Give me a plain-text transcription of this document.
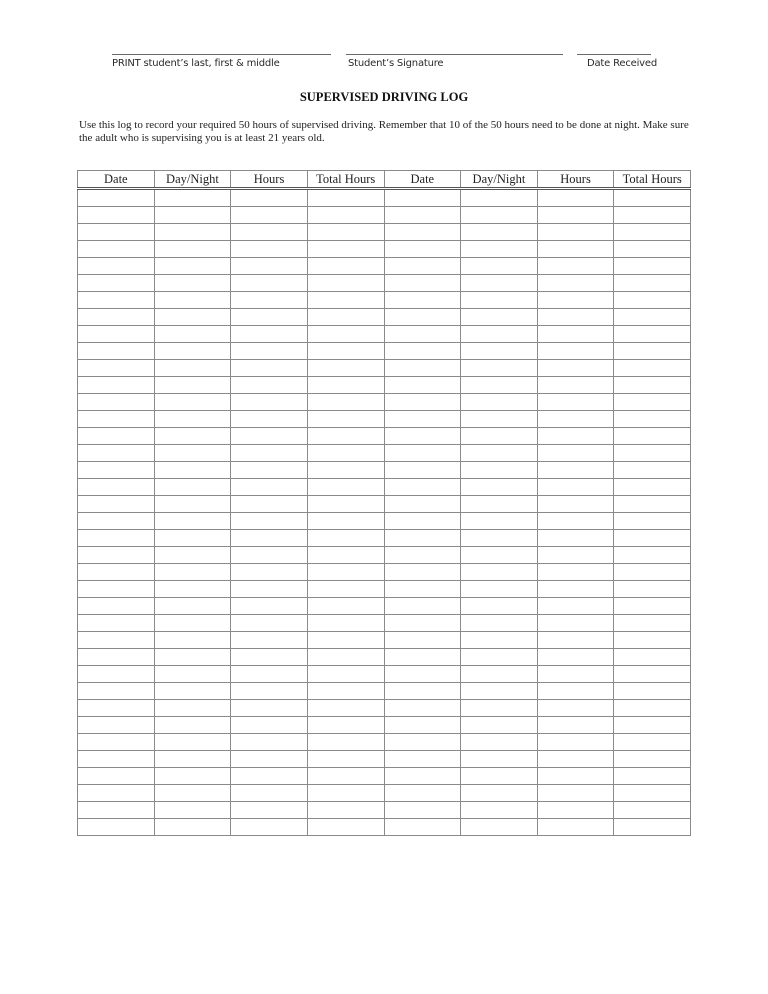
PRINT student’s last, first & middle	Student’s Signature	Date Received
SUPERVISED DRIVING LOG
Use this log to record your required 50 hours of supervised driving. Remember that 10 of the 50 hours need to be done at night. Make sure the adult who is supervising you is at least 21 years old.
Date	Day/Night	Hours	Total Hours	Date	Day/Night	Hours	Total Hours
